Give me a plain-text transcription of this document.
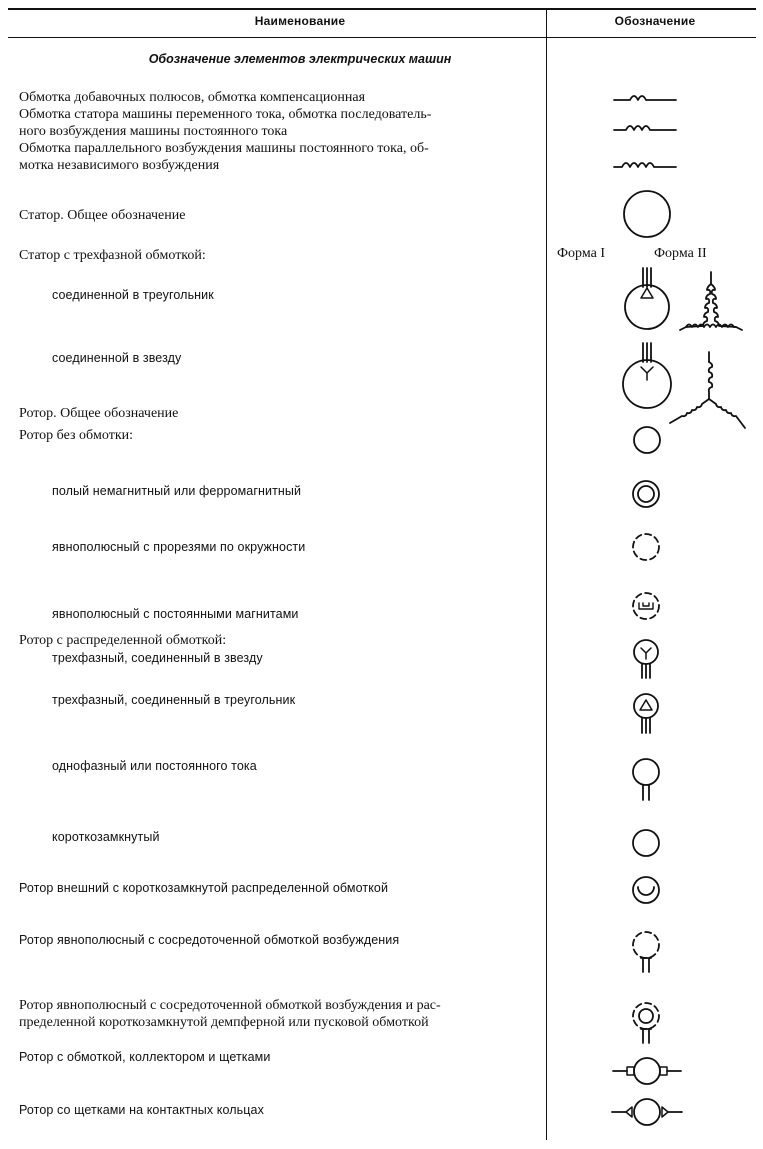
Наименование	Обозначение
Обозначение элементов электрических машин
Обмотка добавочных полюсов, обмотка компенсационная
Обмотка статора машины переменного тока, обмотка последователь-
ного возбуждения машины постоянного тока
Обмотка параллельного возбуждения машины постоянного тока, об-
мотка независимого возбуждения
Статор. Общее обозначение
Статор с трехфазной обмоткой:
соединенной в треугольник
соединенной в звезду
Ротор. Общее обозначение
Ротор без обмотки:
полый немагнитный или ферромагнитный
явнополюсный с прорезями по окружности
явнополюсный с постоянными магнитами
Ротор с распределенной обмоткой:
трехфазный, соединенный в звезду
трехфазный, соединенный в треугольник
однофазный или постоянного тока
короткозамкнутый
Ротор внешний с короткозамкнутой распределенной обмоткой
Ротор явнополюсный с сосредоточенной обмоткой возбуждения
Ротор явнополюсный с сосредоточенной обмоткой возбуждения и рас-
пределенной короткозамкнутой демпферной или пусковой обмоткой
Ротор с обмоткой, коллектором и щетками
Ротор со щетками на контактных кольцах
Форма I	Форма II
